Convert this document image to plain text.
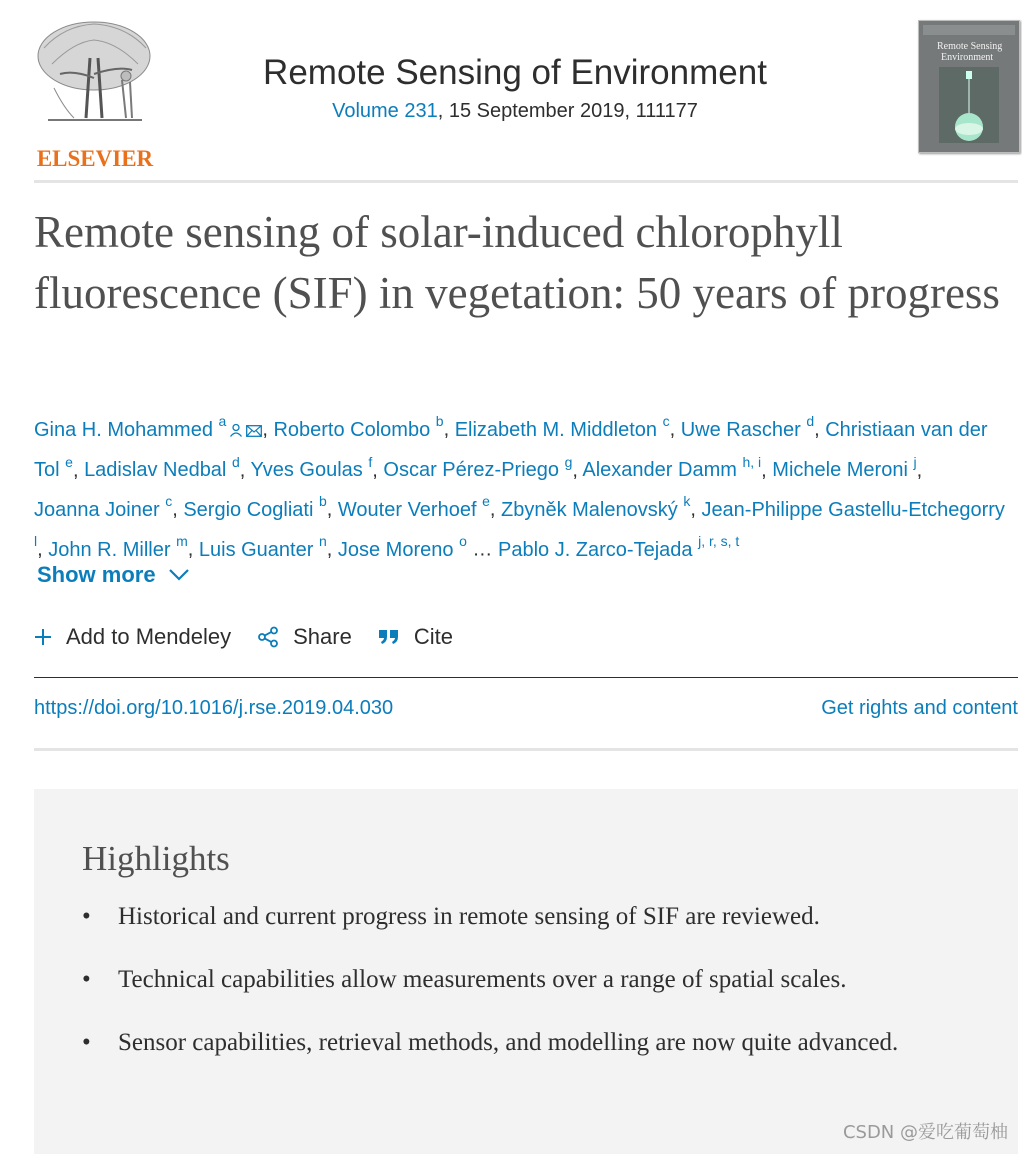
ELSEVIER
Remote Sensing of Environment
Volume 231, 15 September 2019, 111177
Remote Sensing
Environment
Remote sensing of solar-induced chlorophyll fluorescence (SIF) in vegetation: 50 years of progress
Gina H. Mohammed $^a$ , Roberto Colombo $^b$, Elizabeth M. Middleton $^c$, Uwe Rascher $^d$, Christiaan van der Tol $^e$, Ladislav Nedbal $^d$, Yves Goulas $^f$, Oscar Pérez-Priego $^g$, Alexander Damm $^{h, i}$, Michele Meroni $^j$, Joanna Joiner $^c$, Sergio Cogliati $^b$, Wouter Verhoef $^e$, Zbyněk Malenovský $^k$, Jean-Philippe Gastellu-Etchegorry $^l$, John R. Miller $^m$, Luis Guanter $^n$, Jose Moreno $^o$ … Pablo J. Zarco-Tejada $^{j, r, s, t}$
Show more
Add to Mendeley	Share	Cite
https://doi.org/10.1016/j.rse.2019.04.030	Get rights and content
Highlights
• Historical and current progress in remote sensing of SIF are reviewed.
• Technical capabilities allow measurements over a range of spatial scales.
• Sensor capabilities, retrieval methods, and modelling are now quite advanced.
CSDN @爱吃葡萄柚
